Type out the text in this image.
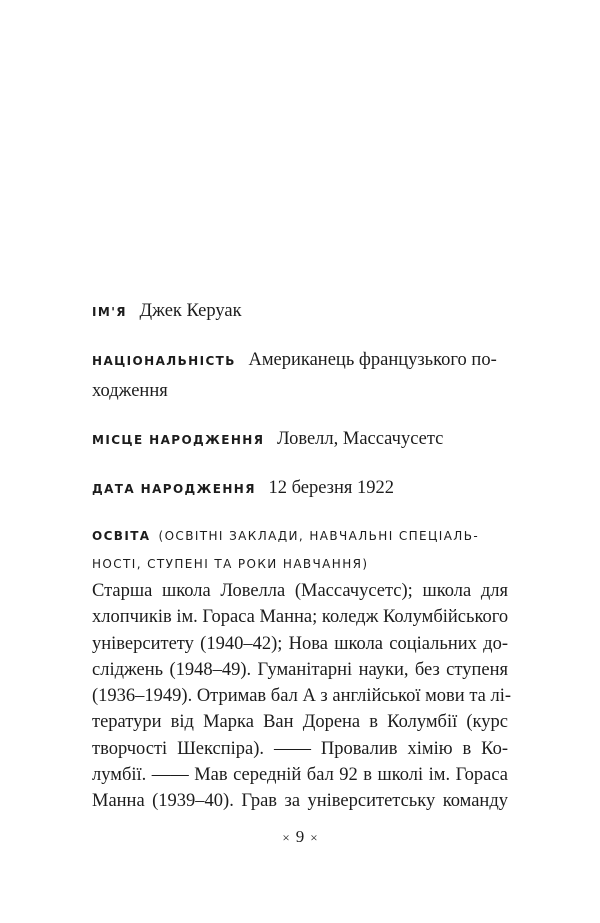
ІМ'Я Джек Керуак

НАЦІОНАЛЬНІСТЬ Американець французького по-
ходження

МІСЦЕ НАРОДЖЕННЯ Ловелл, Массачусетс

ДАТА НАРОДЖЕННЯ 12 березня 1922

ОСВІТА (ОСВІТНІ ЗАКЛАДИ, НАВЧАЛЬНІ СПЕЦІАЛЬ-
НОСТІ, СТУПЕНІ ТА РОКИ НАВЧАННЯ)

Старша школа Ловелла (Массачусетс); школа для
хлопчиків ім. Гораса Манна; коледж Колумбійського
університету (1940–42); Нова школа соціальних до-
сліджень (1948–49). Гуманітарні науки, без ступеня
(1936–1949). Отримав бал А з англійської мови та лі-
тератури від Марка Ван Дорена в Колумбії (курс
творчості Шекспіра). —— Провалив хімію в Ко-
лумбії. —— Мав середній бал 92 в школі ім. Гораса
Манна (1939–40). Грав за університетську команду

× 9 ×
